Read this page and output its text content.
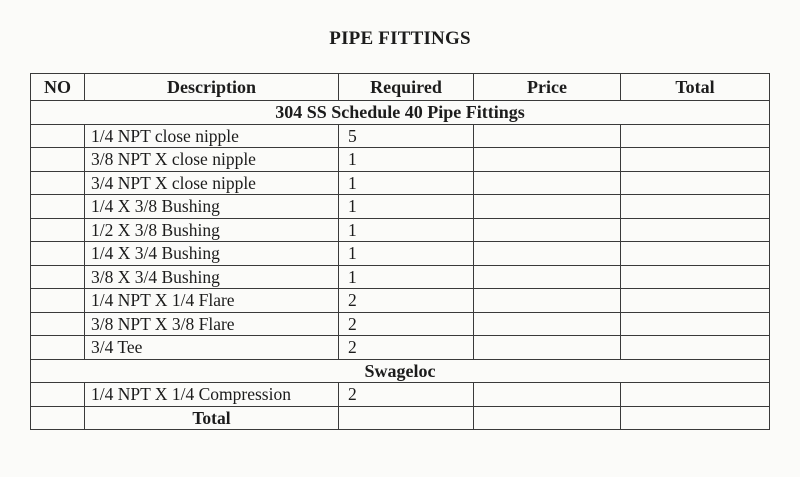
PIPE FITTINGS
NO	Description	Required	Price	Total
304 SS Schedule 40 Pipe Fittings				
	1/4 NPT close nipple	5		
	3/8 NPT X close nipple	1		
	3/4 NPT X close nipple	1		
	1/4 X 3/8 Bushing	1		
	1/2 X 3/8 Bushing	1		
	1/4 X 3/4 Bushing	1		
	3/8 X 3/4 Bushing	1		
	1/4 NPT X 1/4 Flare	2		
	3/8 NPT X 3/8 Flare	2		
	3/4 Tee	2		
Swageloc				
	1/4 NPT X 1/4 Compression	2		
	Total			
